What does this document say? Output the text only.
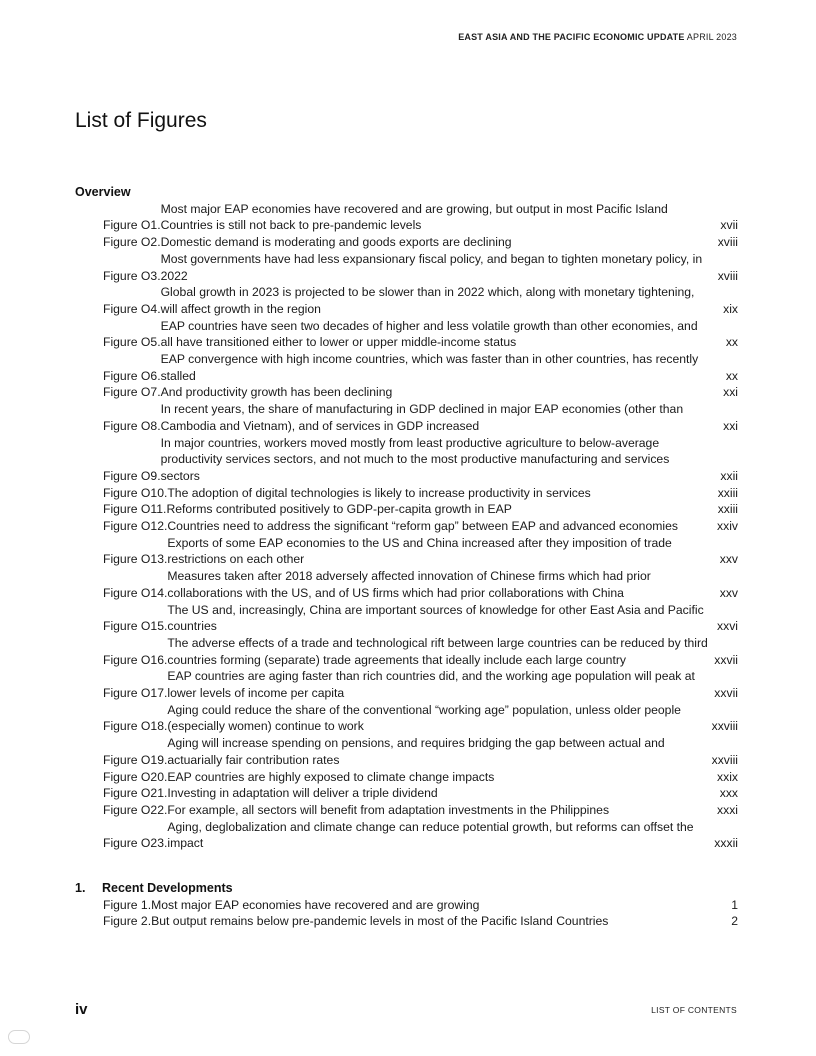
EAST ASIA AND THE PACIFIC ECONOMIC UPDATE APRIL 2023
List of Figures
Overview
Figure O1.
Most major EAP economies have recovered and are growing, but output in most Pacific Island Countries is still not back to pre-pandemic levels	xvii
Figure O2. Domestic demand is moderating and goods exports are declining	xviii
Figure O3.
Most governments have had less expansionary fiscal policy, and began to tighten monetary policy, in 2022	xviii
Figure O4.
Global growth in 2023 is projected to be slower than in 2022 which, along with monetary tightening, will affect growth in the region	xix
Figure O5.
EAP countries have seen two decades of higher and less volatile growth than other economies, and all have transitioned either to lower or upper middle-income status	xx
Figure O6.
EAP convergence with high income countries, which was faster than in other countries, has recently stalled	xx
Figure O7. And productivity growth has been declining	xxi
Figure O8.
In recent years, the share of manufacturing in GDP declined in major EAP economies (other than Cambodia and Vietnam), and of services in GDP increased	xxi
Figure O9.
In major countries, workers moved mostly from least productive agriculture to below-average productivity services sectors, and not much to the most productive manufacturing and services sectors	xxii
Figure O10. The adoption of digital technologies is likely to increase productivity in services	xxiii
Figure O11. Reforms contributed positively to GDP-per-capita growth in EAP	xxiii
Figure O12. Countries need to address the significant “reform gap” between EAP and advanced economies	xxiv
Figure O13.
Exports of some EAP economies to the US and China increased after they imposition of trade restrictions on each other	xxv
Figure O14.
Measures taken after 2018 adversely affected innovation of Chinese firms which had prior collaborations with the US, and of US firms which had prior collaborations with China	xxv
Figure O15.
The US and, increasingly, China are important sources of knowledge for other East Asia and Pacific countries	xxvi
Figure O16.
The adverse effects of a trade and technological rift between large countries can be reduced by third countries forming (separate) trade agreements that ideally include each large country	xxvii
Figure O17.
EAP countries are aging faster than rich countries did, and the working age population will peak at lower levels of income per capita	xxvii
Figure O18.
Aging could reduce the share of the conventional “working age” population, unless older people (especially women) continue to work	xxviii
Figure O19.
Aging will increase spending on pensions, and requires bridging the gap between actual and actuarially fair contribution rates	xxviii
Figure O20. EAP countries are highly exposed to climate change impacts	xxix
Figure O21. Investing in adaptation will deliver a triple dividend	xxx
Figure O22. For example, all sectors will benefit from adaptation investments in the Philippines	xxxi
Figure O23.
Aging, deglobalization and climate change can reduce potential growth, but reforms can offset the impact	xxxii
1.	Recent Developments
Figure 1. Most major EAP economies have recovered and are growing	1
Figure 2. But output remains below pre-pandemic levels in most of the Pacific Island Countries	2
iv	LIST OF CONTENTS
